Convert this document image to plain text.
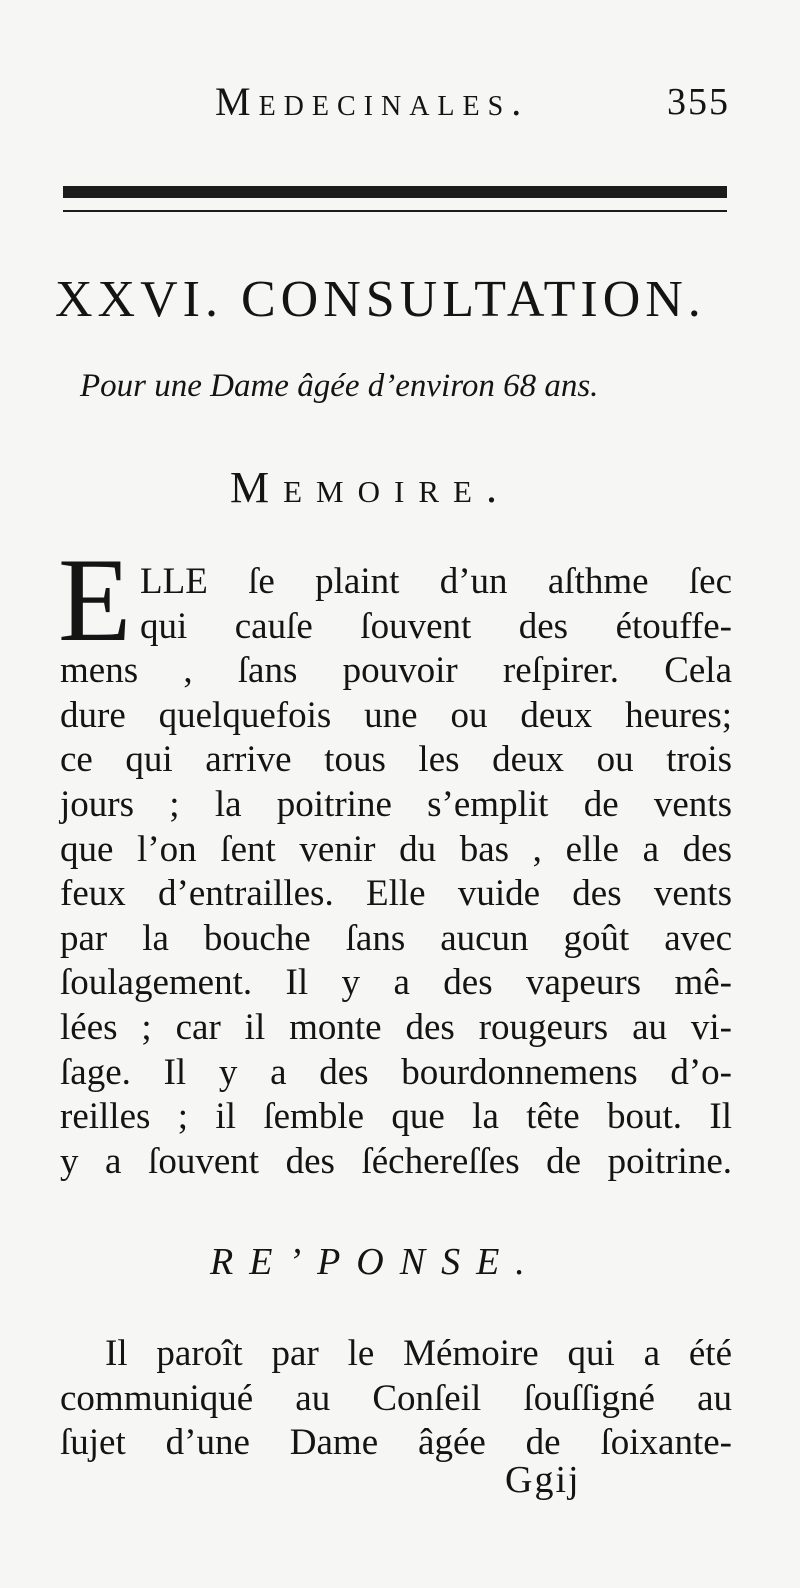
Medecinales.	355
XXVI. CONSULTATION.
Pour une Dame âgée d’environ 68 ans.
Memoire.
E LLE ſe plaint d’un aſthme ſec
qui cauſe ſouvent des étouffe-
mens , ſans pouvoir reſpirer. Cela
dure quelquefois une ou deux heures;
ce qui arrive tous les deux ou trois
jours ; la poitrine s’emplit de vents
que l’on ſent venir du bas , elle a des
feux d’entrailles. Elle vuide des vents
par la bouche ſans aucun goût avec
ſoulagement. Il y a des vapeurs mê-
lées ; car il monte des rougeurs au vi-
ſage. Il y a des bourdonnemens d’o-
reilles ; il ſemble que la tête bout. Il
y a ſouvent des ſéchereſſes de poitrine.
RE’PONSE.
Il paroît par le Mémoire qui a été
communiqué au Conſeil ſouſſigné au
ſujet d’une Dame âgée de ſoixante-
Ggij
